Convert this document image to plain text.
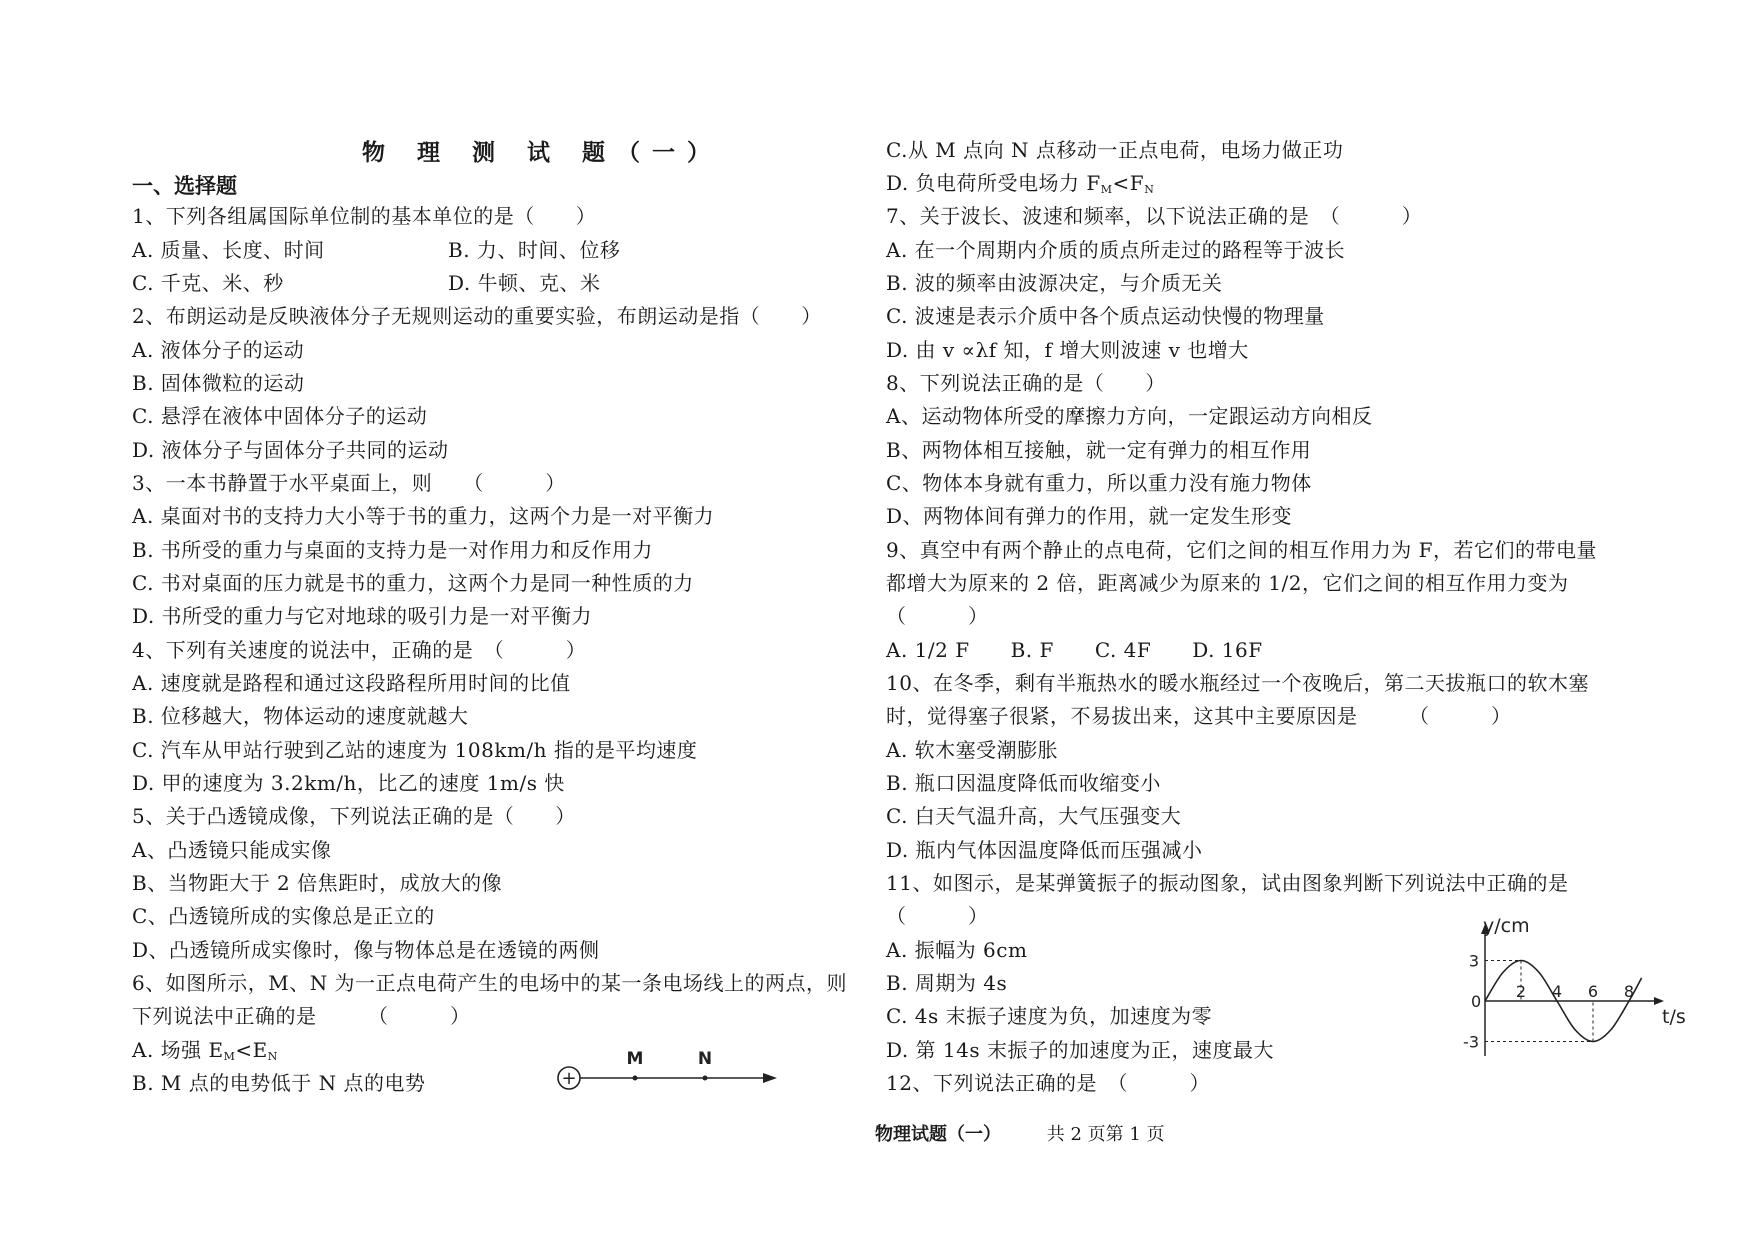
物 理 测 试 题（一）
一、选择题
1、下列各组属国际单位制的基本单位的是（　　）
A. 质量、长度、时间	B. 力、时间、位移
C. 千克、米、秒	D. 牛顿、克、米
2、布朗运动是反映液体分子无规则运动的重要实验，布朗运动是指（　　）
A. 液体分子的运动
B. 固体微粒的运动
C. 悬浮在液体中固体分子的运动
D. 液体分子与固体分子共同的运动
3、一本书静置于水平桌面上，则　　（　　　）
A. 桌面对书的支持力大小等于书的重力，这两个力是一对平衡力
B. 书所受的重力与桌面的支持力是一对作用力和反作用力
C. 书对桌面的压力就是书的重力，这两个力是同一种性质的力
D. 书所受的重力与它对地球的吸引力是一对平衡力
4、下列有关速度的说法中，正确的是　（　　　）
A. 速度就是路程和通过这段路程所用时间的比值
B. 位移越大，物体运动的速度就越大
C. 汽车从甲站行驶到乙站的速度为 108km/h 指的是平均速度
D. 甲的速度为 3.2km/h，比乙的速度 1m/s 快
5、关于凸透镜成像，下列说法正确的是（　　）
A、凸透镜只能成实像
B、当物距大于 2 倍焦距时，成放大的像
C、凸透镜所成的实像总是正立的
D、凸透镜所成实像时，像与物体总是在透镜的两侧
6、如图所示，M、N 为一正点电荷产生的电场中的某一条电场线上的两点，则
下列说法中正确的是　　　（　　　）
A. 场强 $E_M<E_N$
B. M 点的电势低于 N 点的电势	+
M	N
C.从 M 点向 N 点移动一正点电荷，电场力做正功
D. 负电荷所受电场力 $F_M<F_N$
7、关于波长、波速和频率，以下说法正确的是　（　　　）
A. 在一个周期内介质的质点所走过的路程等于波长
B. 波的频率由波源决定，与介质无关
C. 波速是表示介质中各个质点运动快慢的物理量
D. 由 v ∝λf 知，f 增大则波速 v 也增大
8、下列说法正确的是（　　）
A、运动物体所受的摩擦力方向，一定跟运动方向相反
B、两物体相互接触，就一定有弹力的相互作用
C、物体本身就有重力，所以重力没有施力物体
D、两物体间有弹力的作用，就一定发生形变
9、真空中有两个静止的点电荷，它们之间的相互作用力为 F，若它们的带电量
都增大为原来的 2 倍，距离减少为原来的 1/2，它们之间的相互作用力变为
（　　　）
A. 1/2 F　　B. F　　C. 4F　　D. 16F
10、在冬季，剩有半瓶热水的暖水瓶经过一个夜晚后，第二天拔瓶口的软木塞
时，觉得塞子很紧，不易拔出来，这其中主要原因是　　　（　　　）
A. 软木塞受潮膨胀
B. 瓶口因温度降低而收缩变小
C. 白天气温升高，大气压强变大
D. 瓶内气体因温度降低而压强减小
11、如图示，是某弹簧振子的振动图象，试由图象判断下列说法中正确的是
（　　　）
A. 振幅为 6cm
B. 周期为 4s
C. 4s 末振子速度为负，加速度为零
D. 第 14s 末振子的加速度为正，速度最大
12、下列说法正确的是　（　　　）
0
2 4 6 8
3
-3
y/cm
t/s
物理试题（一）	共 2 页第 1 页
